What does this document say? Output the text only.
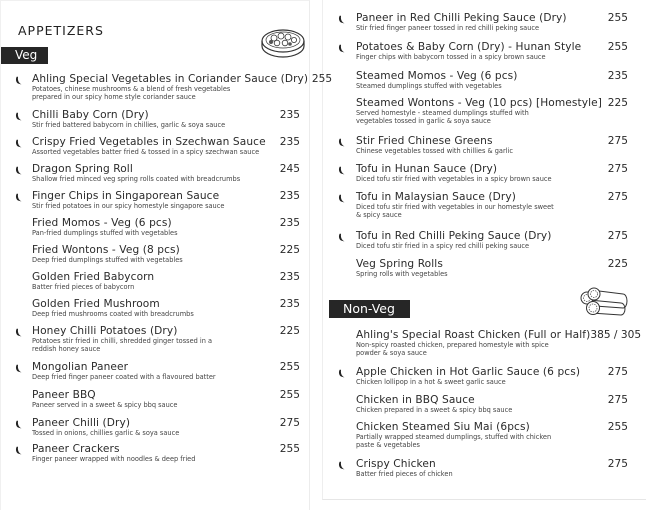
APPETIZERS
Veg
Non-Veg
Ahling Special Vegetables in Coriander Sauce (Dry) 255
Potatoes, chinese mushrooms & a blend of fresh vegetables prepared in our spicy home style coriander sauce
Chilli Baby Corn (Dry)	235
Stir fried battered babycorn in chillies, garlic & soya sauce
Crispy Fried Vegetables in Szechwan Sauce	235
Assorted vegetables batter fried & tossed in a spicy szechwan sauce
Dragon Spring Roll	245
Shallow fried minced veg spring rolls coated with breadcrumbs
Finger Chips in Singaporean Sauce	235
Stir fried potatoes in our spicy homestyle singapore sauce
Fried Momos - Veg (6 pcs)	235
Pan-fried dumplings stuffed with vegetables
Fried Wontons - Veg (8 pcs)	225
Deep fried dumplings stuffed with vegetables
Golden Fried Babycorn	235
Batter fried pieces of babycorn
Golden Fried Mushroom	235
Deep fried mushrooms coated with breadcrumbs
Honey Chilli Potatoes (Dry)	225
Potatoes stir fried in chilli, shredded ginger tossed in a reddish honey sauce
Mongolian Paneer	255
Deep fried finger paneer coated with a flavoured batter
Paneer BBQ	255
Paneer served in a sweet & spicy bbq sauce
Paneer Chilli (Dry)	275
Tossed in onions, chillies garlic & soya sauce
Paneer Crackers	255
Finger paneer wrapped with noodles & deep fried
Paneer in Red Chilli Peking Sauce (Dry)	255
Stir fried finger paneer tossed in red chilli peking sauce
Potatoes & Baby Corn (Dry) - Hunan Style	255
Finger chips with babycorn tossed in a spicy brown sauce
Steamed Momos - Veg (6 pcs)	235
Steamed dumplings stuffed with vegetables
Steamed Wontons - Veg (10 pcs) [Homestyle] 225
Served homestyle - steamed dumplings stuffed with vegetables tossed in garlic & soya sauce
Stir Fried Chinese Greens	275
Chinese vegetables tossed with chillies & garlic
Tofu in Hunan Sauce (Dry)	275
Diced tofu stir fried with vegetables in a spicy brown sauce
Tofu in Malaysian Sauce (Dry)	275
Diced tofu stir fried with vegetables in our homestyle sweet & spicy sauce
Tofu in Red Chilli Peking Sauce (Dry)	275
Diced tofu stir fried in a spicy red chilli peking sauce
Veg Spring Rolls	225
Spring rolls with vegetables
Ahling's Special Roast Chicken (Full or Half) 385 / 305
Non-spicy roasted chicken, prepared homestyle with spice powder & soya sauce
Apple Chicken in Hot Garlic Sauce (6 pcs)	275
Chicken lollipop in a hot & sweet garlic sauce
Chicken in BBQ Sauce	275
Chicken prepared in a sweet & spicy bbq sauce
Chicken Steamed Siu Mai (6pcs)	255
Partially wrapped steamed dumplings, stuffed with chicken paste & vegetables
Crispy Chicken	275
Batter fried pieces of chicken
